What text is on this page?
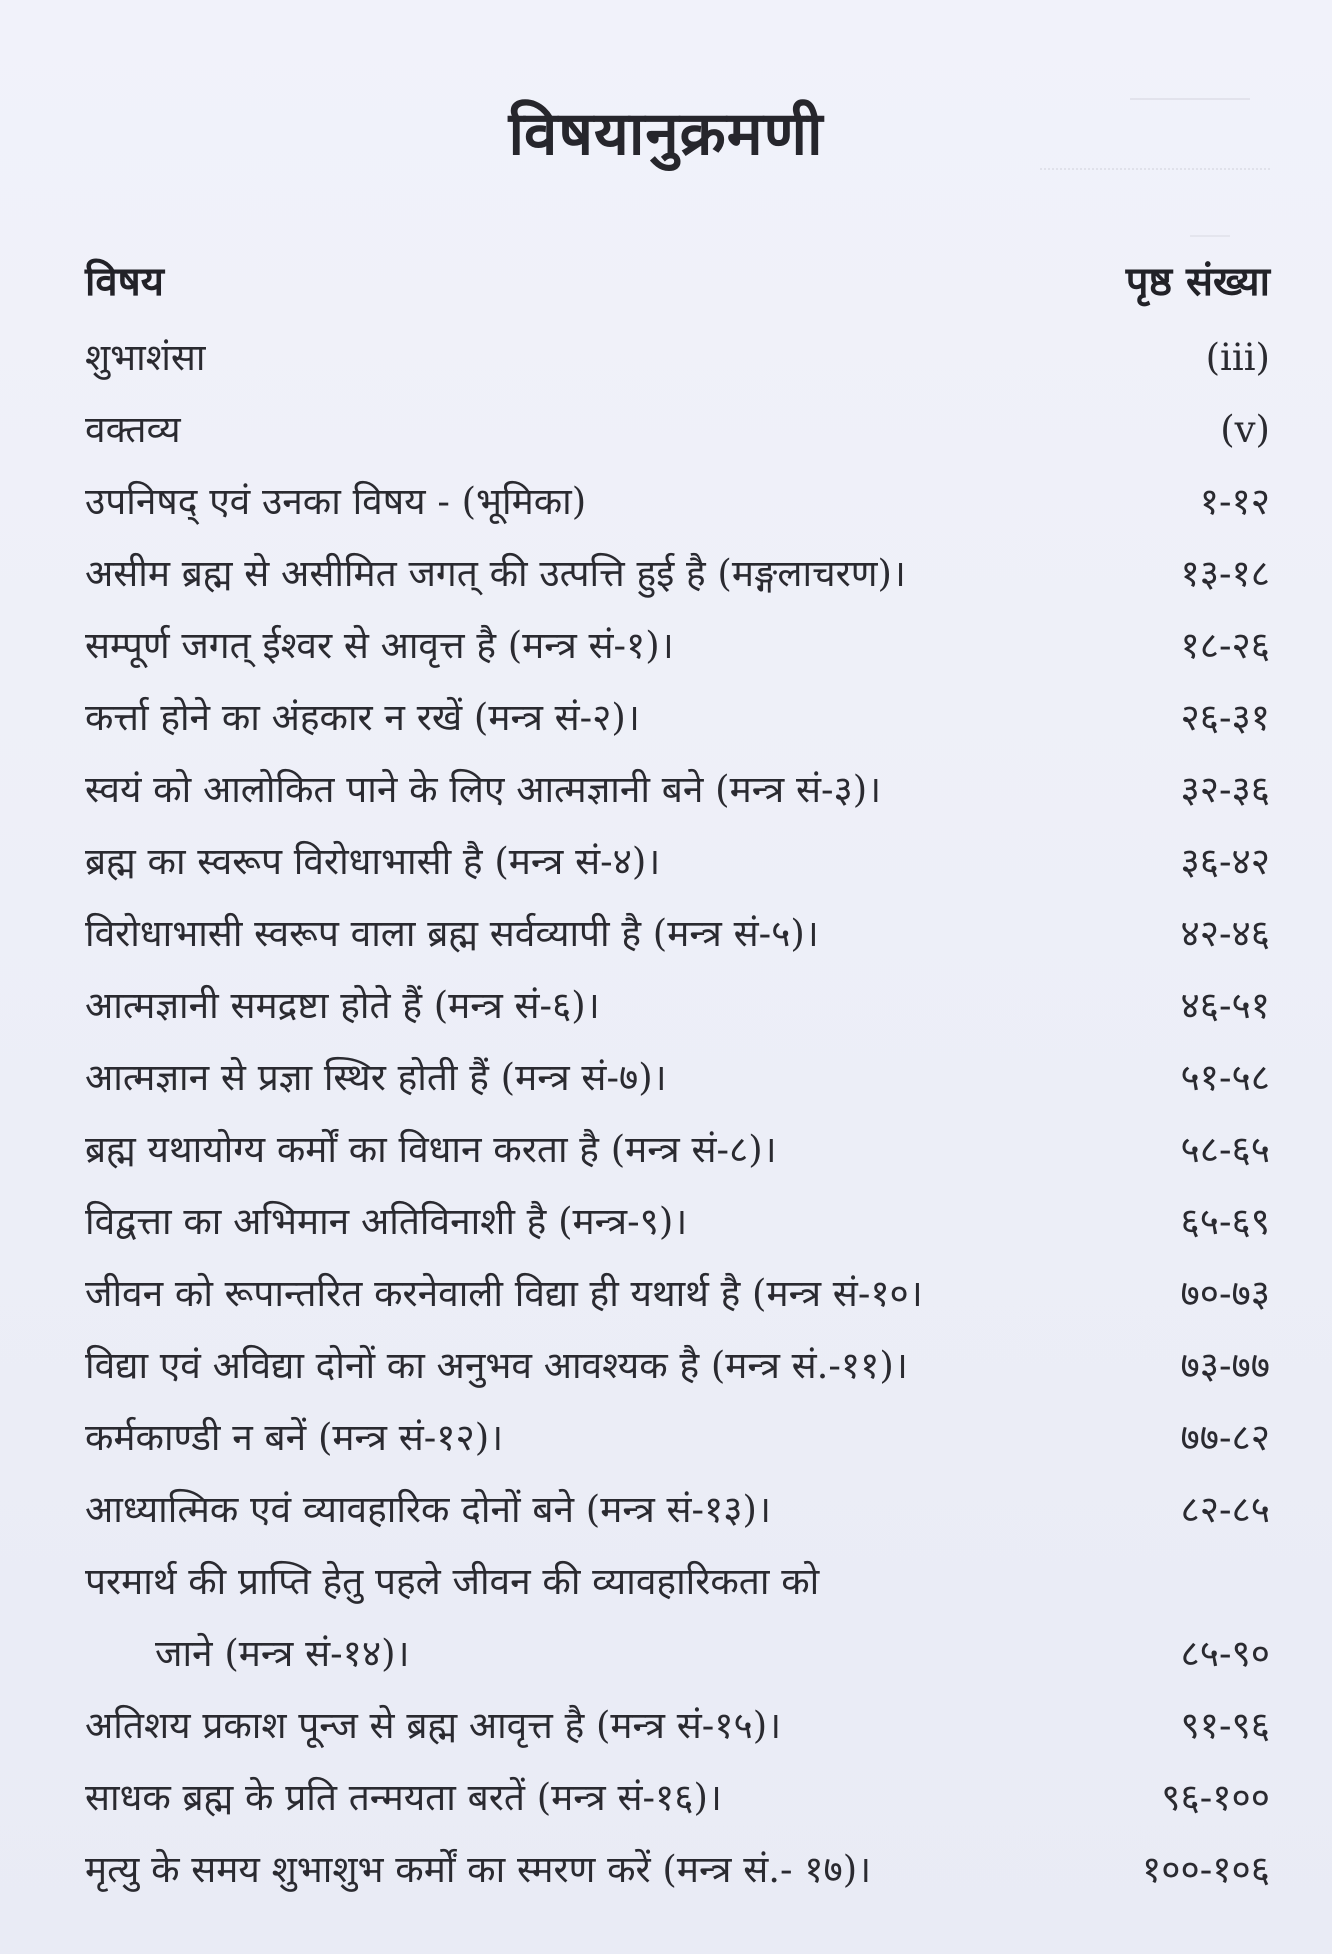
विषयानुक्रमणी
विषय	पृष्ठ संख्या
शुभाशंसा	(iii)
वक्तव्य	(v)
उपनिषद् एवं उनका विषय - (भूमिका)	१-१२
असीम ब्रह्म से असीमित जगत् की उत्पत्ति हुई है (मङ्गलाचरण)।	१३-१८
सम्पूर्ण जगत् ईश्वर से आवृत्त है (मन्त्र सं-१)।	१८-२६
कर्त्ता होने का अंहकार न रखें (मन्त्र सं-२)।	२६-३१
स्वयं को आलोकित पाने के लिए आत्मज्ञानी बने (मन्त्र सं-३)।	३२-३६
ब्रह्म का स्वरूप विरोधाभासी है (मन्त्र सं-४)।	३६-४२
विरोधाभासी स्वरूप वाला ब्रह्म सर्वव्यापी है (मन्त्र सं-५)।	४२-४६
आत्मज्ञानी समद्रष्टा होते हैं (मन्त्र सं-६)।	४६-५१
आत्मज्ञान से प्रज्ञा स्थिर होती हैं (मन्त्र सं-७)।	५१-५८
ब्रह्म यथायोग्य कर्मों का विधान करता है (मन्त्र सं-८)।	५८-६५
विद्वत्ता का अभिमान अतिविनाशी है (मन्त्र-९)।	६५-६९
जीवन को रूपान्तरित करनेवाली विद्या ही यथार्थ है (मन्त्र सं-१०।	७०-७३
विद्या एवं अविद्या दोनों का अनुभव आवश्यक है (मन्त्र सं.-११)।	७३-७७
कर्मकाण्डी न बनें (मन्त्र सं-१२)।	७७-८२
आध्यात्मिक एवं व्यावहारिक दोनों बने (मन्त्र सं-१३)।	८२-८५
परमार्थ की प्राप्ति हेतु पहले जीवन की व्यावहारिकता को
जाने (मन्त्र सं-१४)।	८५-९०
अतिशय प्रकाश पून्ज से ब्रह्म आवृत्त है (मन्त्र सं-१५)।	९१-९६
साधक ब्रह्म के प्रति तन्मयता बरतें (मन्त्र सं-१६)।	९६-१००
मृत्यु के समय शुभाशुभ कर्मों का स्मरण करें (मन्त्र सं.- १७)।	१००-१०६
